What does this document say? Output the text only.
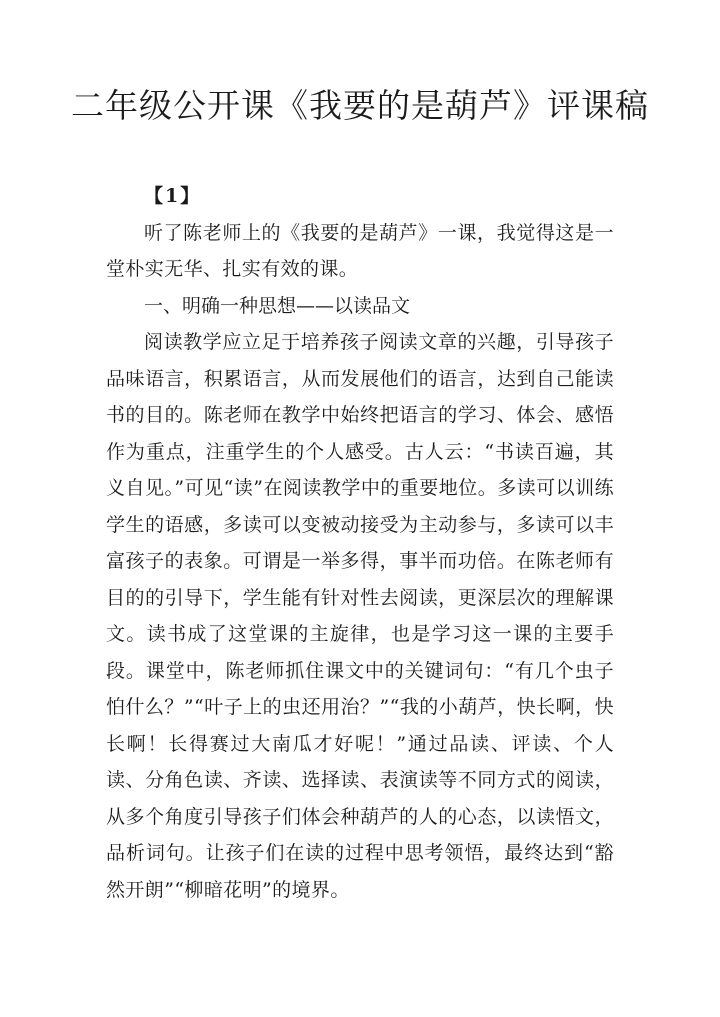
二年级公开课《我要的是葫芦》评课稿

【1】

听了陈老师上的《我要的是葫芦》一课，我觉得这是一堂朴实无华、扎实有效的课。

一、明确一种思想——以读品文

阅读教学应立足于培养孩子阅读文章的兴趣，引导孩子品味语言，积累语言，从而发展他们的语言，达到自己能读书的目的。陈老师在教学中始终把语言的学习、体会、感悟作为重点，注重学生的个人感受。古人云：“书读百遍，其义自见。”可见“读”在阅读教学中的重要地位。多读可以训练学生的语感，多读可以变被动接受为主动参与，多读可以丰富孩子的表象。可谓是一举多得，事半而功倍。在陈老师有目的的引导下，学生能有针对性去阅读，更深层次的理解课文。读书成了这堂课的主旋律，也是学习这一课的主要手段。课堂中，陈老师抓住课文中的关键词句：“有几个虫子怕什么？”“叶子上的虫还用治？”“我的小葫芦，快长啊，快长啊！长得赛过大南瓜才好呢！”通过品读、评读、个人读、分角色读、齐读、选择读、表演读等不同方式的阅读，从多个角度引导孩子们体会种葫芦的人的心态，以读悟文，品析词句。让孩子们在读的过程中思考领悟，最终达到“豁然开朗”“柳暗花明”的境界。
